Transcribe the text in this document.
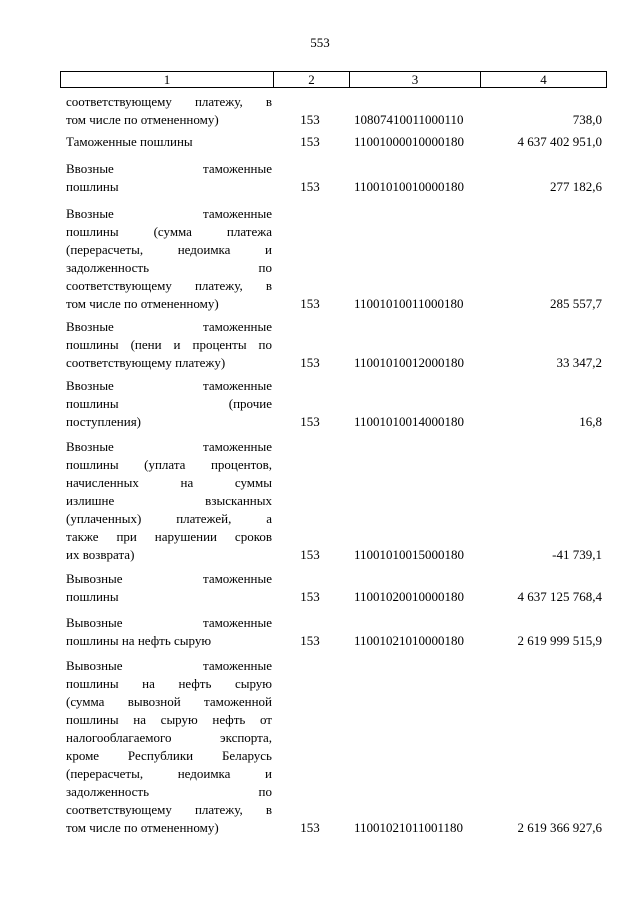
553
1	2	3	4
соответствующему платежу, в
том числе по отмененному)	153	10807410011000110	738,0
Таможенные пошлины	153	11001000010000180	4 637 402 951,0
Ввозные таможенные
пошлины	153	11001010010000180	277 182,6
Ввозные таможенные
пошлины (сумма платежа
(перерасчеты, недоимка и
задолженность по
соответствующему платежу, в
том числе по отмененному)	153	11001010011000180	285 557,7
Ввозные таможенные
пошлины (пени и проценты по
соответствующему платежу)	153	11001010012000180	33 347,2
Ввозные таможенные
пошлины (прочие
поступления)	153	11001010014000180	16,8
Ввозные таможенные
пошлины (уплата процентов,
начисленных на суммы
излишне взысканных
(уплаченных) платежей, а
также при нарушении сроков
их возврата)	153	11001010015000180	-41 739,1
Вывозные таможенные
пошлины	153	11001020010000180	4 637 125 768,4
Вывозные таможенные
пошлины на нефть сырую	153	11001021010000180	2 619 999 515,9
Вывозные таможенные
пошлины на нефть сырую
(сумма вывозной таможенной
пошлины на сырую нефть от
налогооблагаемого экспорта,
кроме Республики Беларусь
(перерасчеты, недоимка и
задолженность по
соответствующему платежу, в
том числе по отмененному)	153	11001021011001180	2 619 366 927,6
